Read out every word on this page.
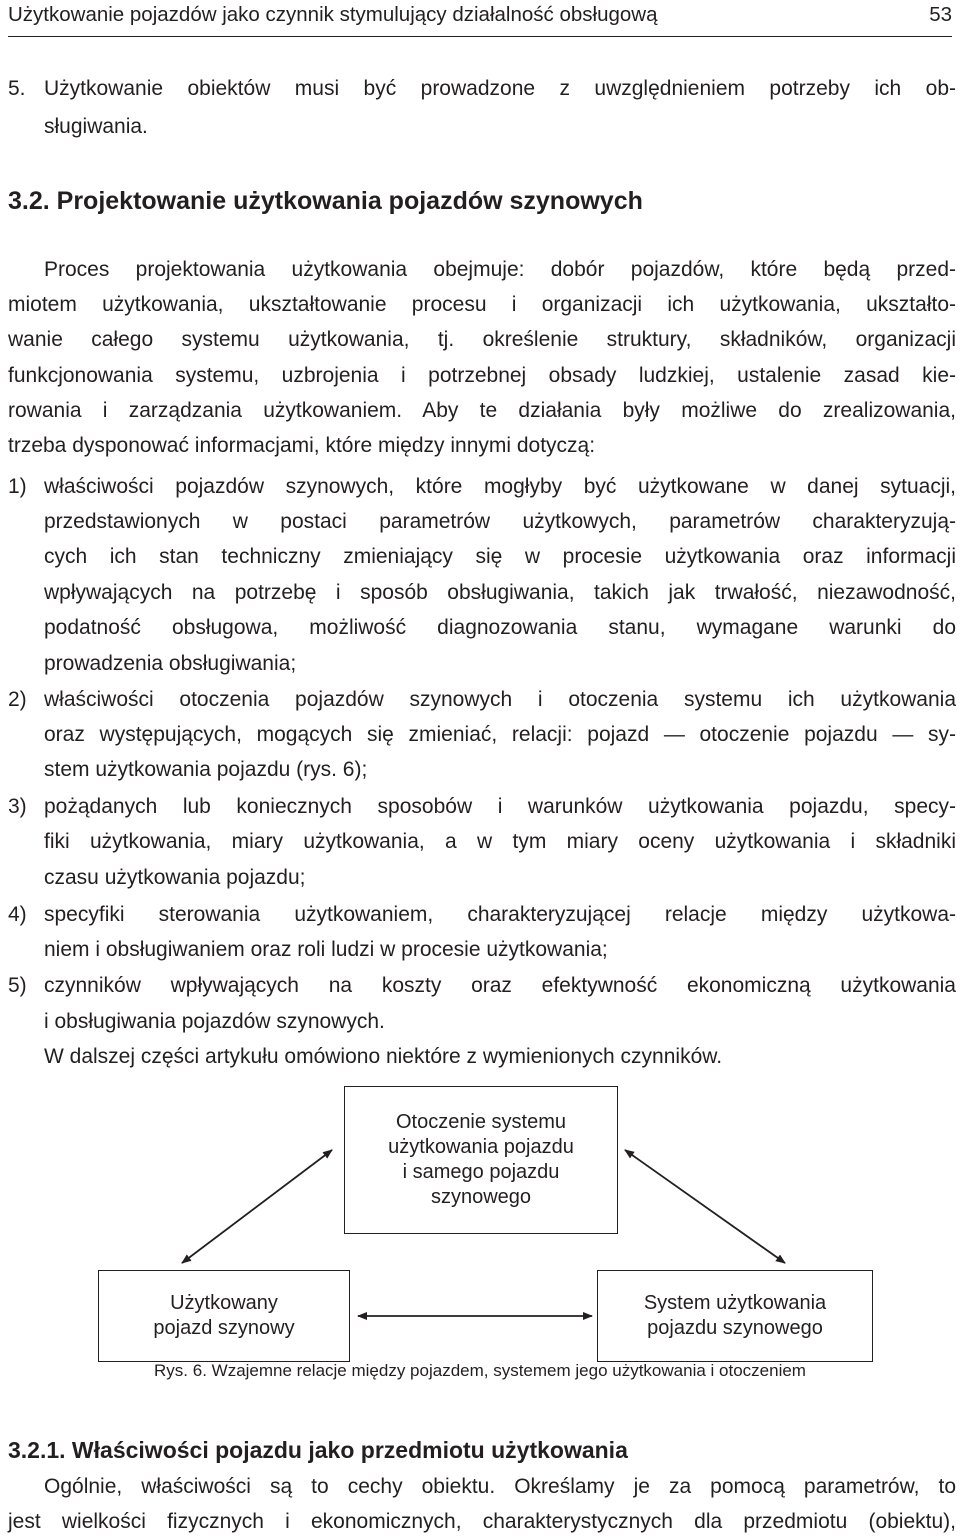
Użytkowanie pojazdów jako czynnik stymulujący działalność obsługową	53
5. Użytkowanie obiektów musi być prowadzone z uwzględnieniem potrzeby ich ob-
sługiwania.
3.2. Projektowanie użytkowania pojazdów szynowych
Proces projektowania użytkowania obejmuje: dobór pojazdów, które będą przed-
miotem użytkowania, ukształtowanie procesu i organizacji ich użytkowania, ukształto-
wanie całego systemu użytkowania, tj. określenie struktury, składników, organizacji
funkcjonowania systemu, uzbrojenia i potrzebnej obsady ludzkiej, ustalenie zasad kie-
rowania i zarządzania użytkowaniem. Aby te działania były możliwe do zrealizowania,
trzeba dysponować informacjami, które między innymi dotyczą:
1) właściwości pojazdów szynowych, które mogłyby być użytkowane w danej sytuacji,
przedstawionych w postaci parametrów użytkowych, parametrów charakteryzują-
cych ich stan techniczny zmieniający się w procesie użytkowania oraz informacji
wpływających na potrzebę i sposób obsługiwania, takich jak trwałość, niezawodność,
podatność obsługowa, możliwość diagnozowania stanu, wymagane warunki do
prowadzenia obsługiwania;
2) właściwości otoczenia pojazdów szynowych i otoczenia systemu ich użytkowania
oraz występujących, mogących się zmieniać, relacji: pojazd — otoczenie pojazdu — sy-
stem użytkowania pojazdu (rys. 6);
3) pożądanych lub koniecznych sposobów i warunków użytkowania pojazdu, specy-
fiki użytkowania, miary użytkowania, a w tym miary oceny użytkowania i składniki
czasu użytkowania pojazdu;
4) specyfiki sterowania użytkowaniem, charakteryzującej relacje między użytkowa-
niem i obsługiwaniem oraz roli ludzi w procesie użytkowania;
5) czynników wpływających na koszty oraz efektywność ekonomiczną użytkowania
i obsługiwania pojazdów szynowych.
W dalszej części artykułu omówiono niektóre z wymienionych czynników.
Otoczenie systemu
użytkowania pojazdu
i samego pojazdu
szynowego
Użytkowany
pojazd szynowy
System użytkowania
pojazdu szynowego
Rys. 6. Wzajemne relacje między pojazdem, systemem jego użytkowania i otoczeniem
3.2.1. Właściwości pojazdu jako przedmiotu użytkowania
Ogólnie, właściwości są to cechy obiektu. Określamy je za pomocą parametrów, to
jest wielkości fizycznych i ekonomicznych, charakterystycznych dla przedmiotu (obiektu),
